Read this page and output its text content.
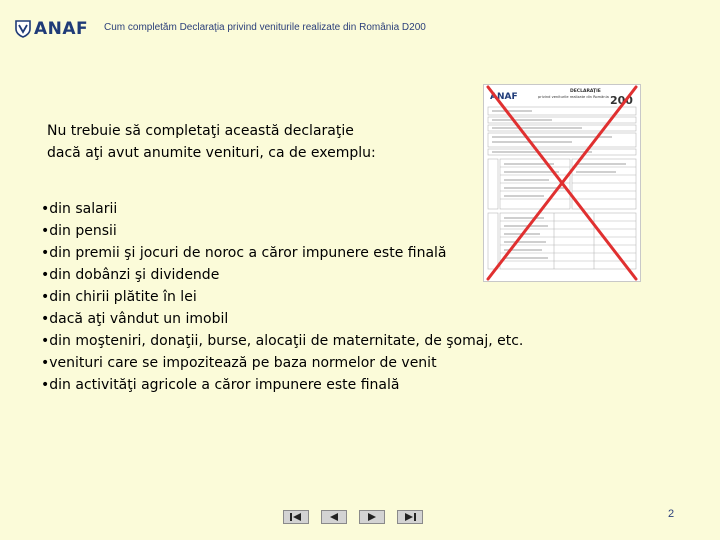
ANAF Cum completăm Declaraţia privind veniturile realizate din România D200
Nu trebuie să completaţi această declaraţie
dacă aţi avut anumite venituri, ca de exemplu:
• din salarii
• din pensii
• din premii şi jocuri de noroc a căror impunere este finală
• din dobânzi şi dividende
• din chirii plătite în lei
• dacă aţi vândut un imobil
• din moşteniri, donaţii, burse, alocaţii de maternitate, de şomaj, etc.
• venituri care se impozitează pe baza normelor de venit
• din activităţi agricole a căror impunere este finală
ANAF
DECLARAŢIE
privind veniturile realizate din România 200
2
